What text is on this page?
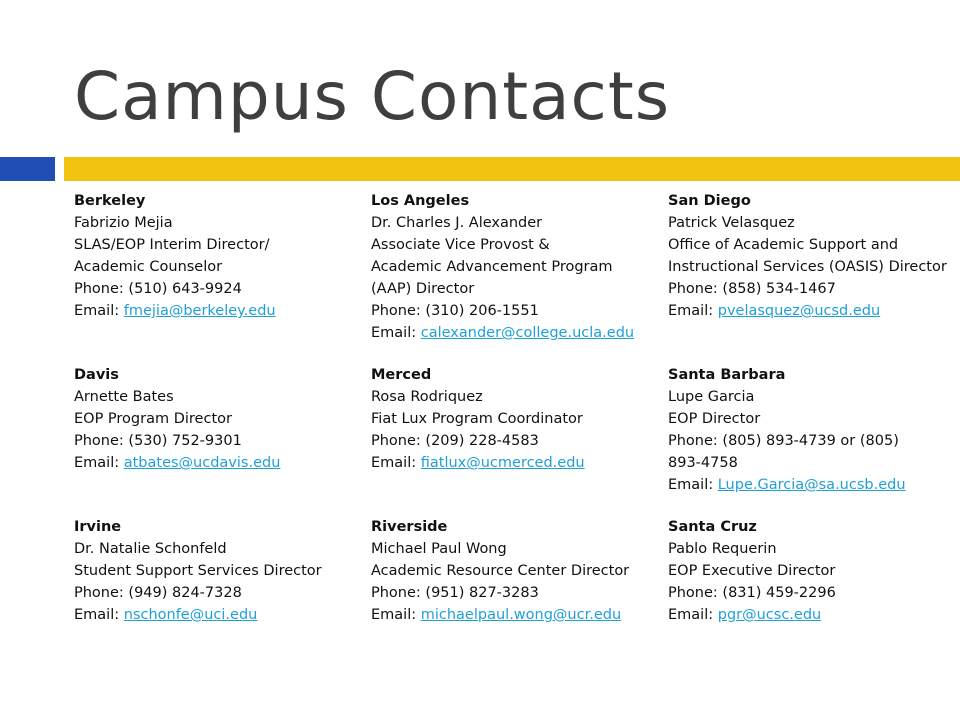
Campus Contacts
Berkeley
Fabrizio Mejia
SLAS/EOP Interim Director/
Academic Counselor
Phone: (510) 643-9924
Email: fmejia@berkeley.edu
Los Angeles
Dr. Charles J. Alexander
Associate Vice Provost &
Academic Advancement Program
(AAP) Director
Phone: (310) 206-1551
Email: calexander@college.ucla.edu
San Diego
Patrick Velasquez
Office of Academic Support and
Instructional Services (OASIS) Director
Phone: (858) 534-1467
Email: pvelasquez@ucsd.edu
Davis
Arnette Bates
EOP Program Director
Phone: (530) 752-9301
Email: atbates@ucdavis.edu
Merced
Rosa Rodriquez
Fiat Lux Program Coordinator
Phone: (209) 228-4583
Email: fiatlux@ucmerced.edu
Santa Barbara
Lupe Garcia
EOP Director
Phone: (805) 893-4739 or (805)
893-4758
Email: Lupe.Garcia@sa.ucsb.edu
Irvine
Dr. Natalie Schonfeld
Student Support Services Director
Phone: (949) 824-7328
Email: nschonfe@uci.edu
Riverside
Michael Paul Wong
Academic Resource Center Director
Phone: (951) 827-3283
Email: michaelpaul.wong@ucr.edu
Santa Cruz
Pablo Requerin
EOP Executive Director
Phone: (831) 459-2296
Email: pgr@ucsc.edu
